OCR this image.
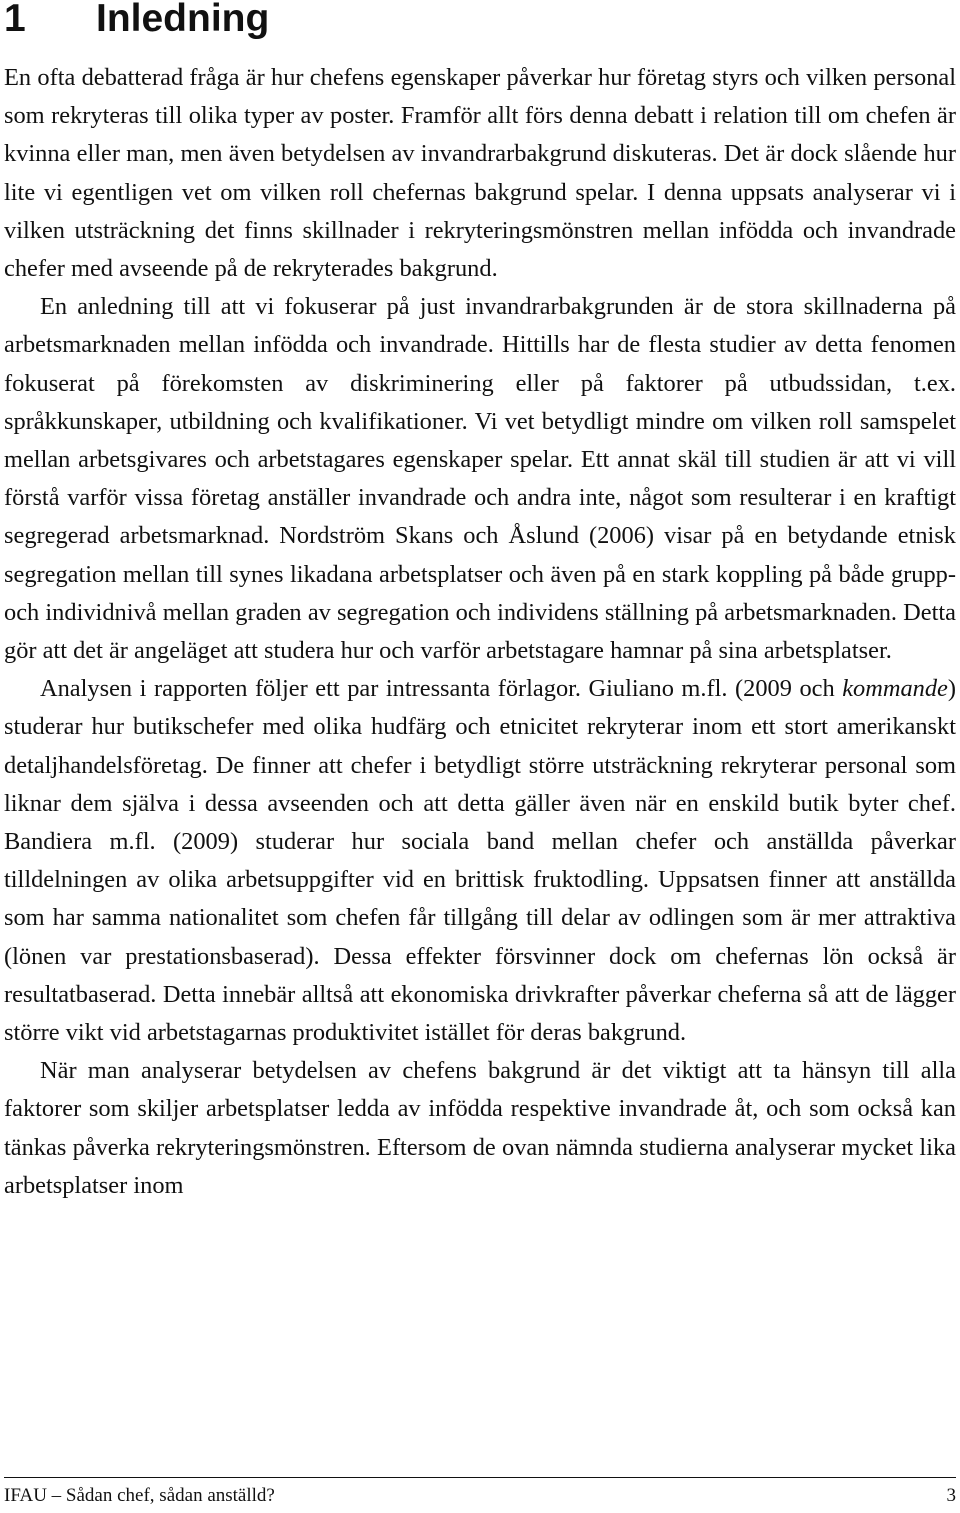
1 Inledning

En ofta debatterad fråga är hur chefens egenskaper påverkar hur företag styrs och vilken personal som rekryteras till olika typer av poster. Framför allt förs denna debatt i relation till om chefen är kvinna eller man, men även betydelsen av invandrarbakgrund diskuteras. Det är dock slående hur lite vi egentligen vet om vilken roll chefernas bakgrund spelar. I denna uppsats analyserar vi i vilken utsträckning det finns skillnader i rekryteringsmönstren mellan infödda och invandrade chefer med avseende på de rekryterades bakgrund.

En anledning till att vi fokuserar på just invandrarbakgrunden är de stora skillnaderna på arbetsmarknaden mellan infödda och invandrade. Hittills har de flesta studier av detta fenomen fokuserat på förekomsten av diskriminering eller på faktorer på utbudssidan, t.ex. språkkunskaper, utbildning och kvalifikationer. Vi vet betydligt mindre om vilken roll samspelet mellan arbetsgivares och arbetstagares egenskaper spelar. Ett annat skäl till studien är att vi vill förstå varför vissa företag anställer invandrade och andra inte, något som resulterar i en kraftigt segregerad arbetsmarknad. Nordström Skans och Åslund (2006) visar på en betydande etnisk segregation mellan till synes likadana arbetsplatser och även på en stark koppling på både grupp- och individnivå mellan graden av segregation och individens ställning på arbetsmarknaden. Detta gör att det är angeläget att studera hur och varför arbetstagare hamnar på sina arbetsplatser.

Analysen i rapporten följer ett par intressanta förlagor. Giuliano m.fl. (2009 och kommande) studerar hur butikschefer med olika hudfärg och etnicitet rekryterar inom ett stort amerikanskt detaljhandelsföretag. De finner att chefer i betydligt större utsträckning rekryterar personal som liknar dem själva i dessa avseenden och att detta gäller även när en enskild butik byter chef. Bandiera m.fl. (2009) studerar hur sociala band mellan chefer och anställda påverkar tilldelningen av olika arbetsuppgifter vid en brittisk fruktodling. Uppsatsen finner att anställda som har samma nationalitet som chefen får tillgång till delar av odlingen som är mer attraktiva (lönen var prestationsbaserad). Dessa effekter försvinner dock om chefernas lön också är resultatbaserad. Detta innebär alltså att ekonomiska drivkrafter påverkar cheferna så att de lägger större vikt vid arbetstagarnas produktivitet istället för deras bakgrund.

När man analyserar betydelsen av chefens bakgrund är det viktigt att ta hänsyn till alla faktorer som skiljer arbetsplatser ledda av infödda respektive invandrade åt, och som också kan tänkas påverka rekryteringsmönstren. Eftersom de ovan nämnda studierna analyserar mycket lika arbetsplatser inom

IFAU – Sådan chef, sådan anställd?	3
